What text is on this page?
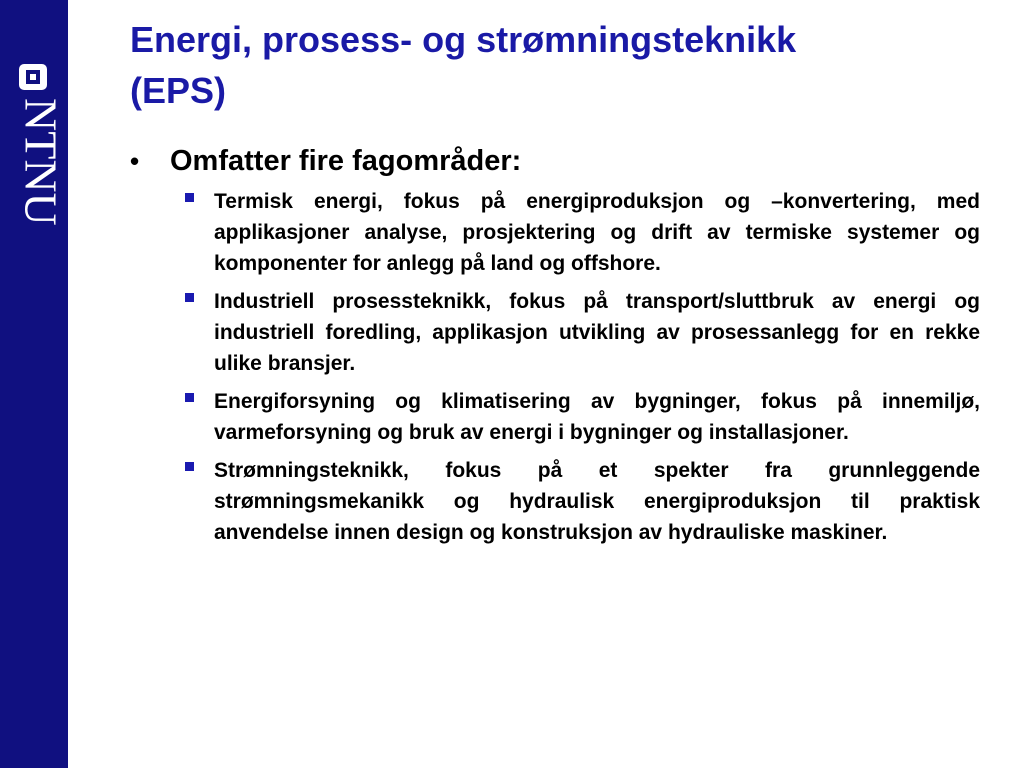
NTNU
Energi, prosess- og strømningsteknikk
(EPS)
• Omfatter fire fagområder:
Termisk energi, fokus på energiproduksjon og –konvertering, med applikasjoner analyse, prosjektering og drift av termiske systemer og komponenter for anlegg på land og offshore.
Industriell prosessteknikk, fokus på transport/sluttbruk av energi og industriell foredling, applikasjon utvikling av prosessanlegg for en rekke ulike bransjer.
Energiforsyning og klimatisering av bygninger, fokus på innemiljø, varmeforsyning og bruk av energi i bygninger og installasjoner.
Strømningsteknikk, fokus på et spekter fra grunnleggende strømningsmekanikk og hydraulisk energiproduksjon til praktisk anvendelse innen design og konstruksjon av hydrauliske maskiner.
